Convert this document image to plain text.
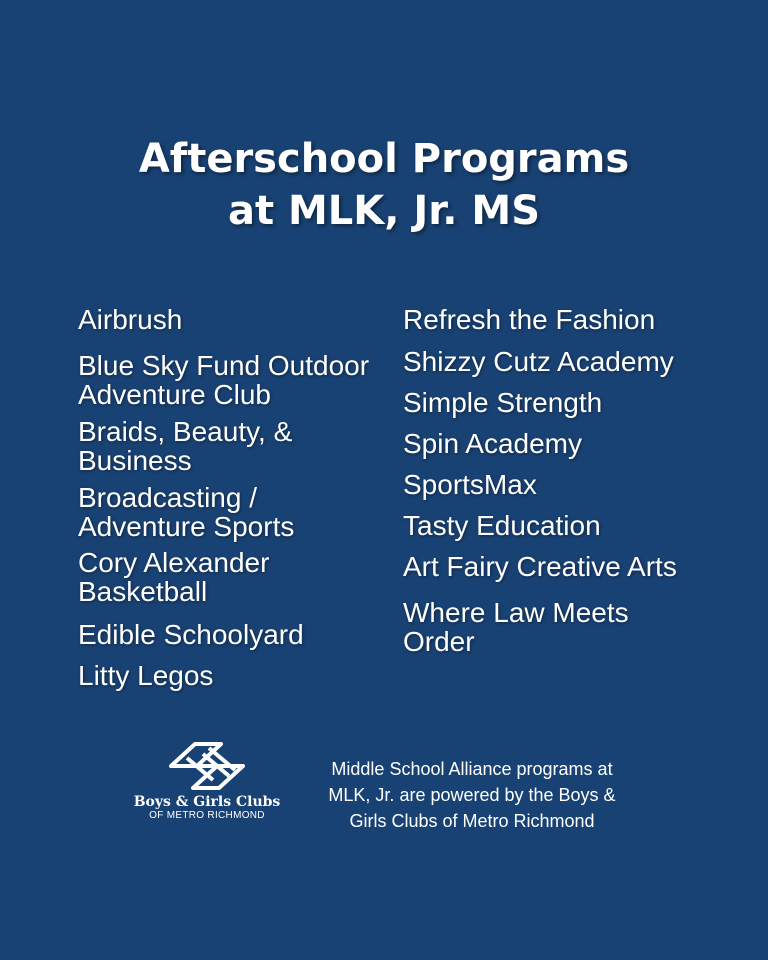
Afterschool Programs
at MLK, Jr. MS
Airbrush
Blue Sky Fund Outdoor
Adventure Club
Braids, Beauty, &
Business
Broadcasting /
Adventure Sports
Cory Alexander
Basketball
Edible Schoolyard
Litty Legos
Refresh the Fashion
Shizzy Cutz Academy
Simple Strength
Spin Academy
SportsMax
Tasty Education
Art Fairy Creative Arts
Where Law Meets
Order
Boys & Girls Clubs
OF METRO RICHMOND
Middle School Alliance programs at MLK, Jr. are powered by the Boys & Girls Clubs of Metro Richmond
